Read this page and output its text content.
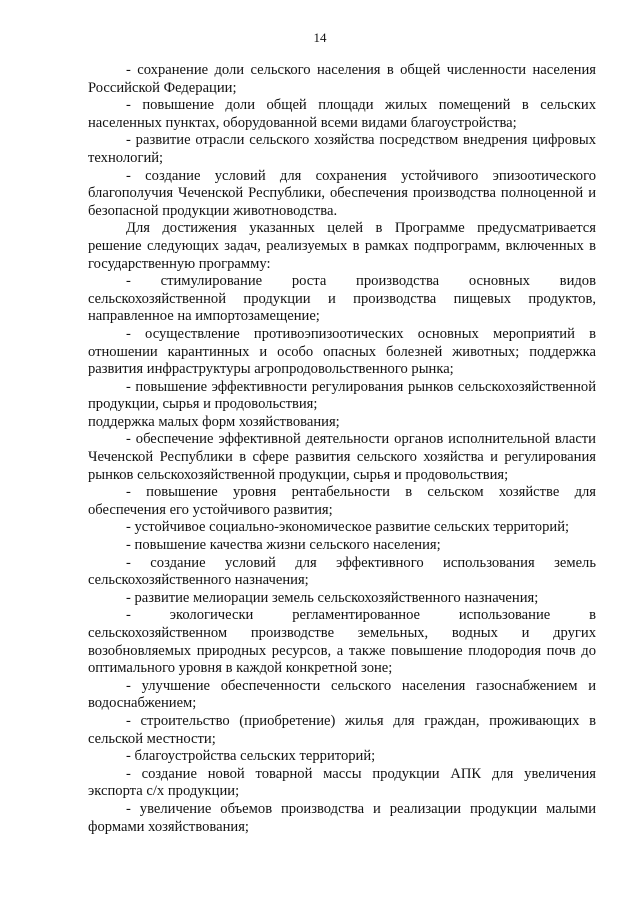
14

- сохранение доли сельского населения в общей численности населения Российской Федерации;

- повышение доли общей площади жилых помещений в сельских населенных пунктах, оборудованной всеми видами благоустройства;

- развитие отрасли сельского хозяйства посредством внедрения цифровых технологий;

- создание условий для сохранения устойчивого эпизоотического благополучия Чеченской Республики, обеспечения производства полноценной и безопасной продукции животноводства.

Для достижения указанных целей в Программе предусматривается решение следующих задач, реализуемых в рамках подпрограмм, включенных в государственную программу:

- стимулирование роста производства основных видов сельскохозяйственной продукции и производства пищевых продуктов, направленное на импортозамещение;

- осуществление противоэпизоотических основных мероприятий в отношении карантинных и особо опасных болезней животных; поддержка развития инфраструктуры агропродовольственного рынка;

- повышение эффективности регулирования рынков сельскохозяйственной продукции, сырья и продовольствия;

поддержка малых форм хозяйствования;

- обеспечение эффективной деятельности органов исполнительной власти Чеченской Республики в сфере развития сельского хозяйства и регулирования рынков сельскохозяйственной продукции, сырья и продовольствия;

- повышение уровня рентабельности в сельском хозяйстве для обеспечения его устойчивого развития;

- устойчивое социально-экономическое развитие сельских территорий;

- повышение качества жизни сельского населения;

- создание условий для эффективного использования земель сельскохозяйственного назначения;

- развитие мелиорации земель сельскохозяйственного назначения;

- экологически регламентированное использование в сельскохозяйственном производстве земельных, водных и других возобновляемых природных ресурсов, а также повышение плодородия почв до оптимального уровня в каждой конкретной зоне;

- улучшение обеспеченности сельского населения газоснабжением и водоснабжением;

- строительство (приобретение) жилья для граждан, проживающих в сельской местности;

- благоустройства сельских территорий;

- создание новой товарной массы продукции АПК для увеличения экспорта с/х продукции;

- увеличение объемов производства и реализации продукции малыми формами хозяйствования;
